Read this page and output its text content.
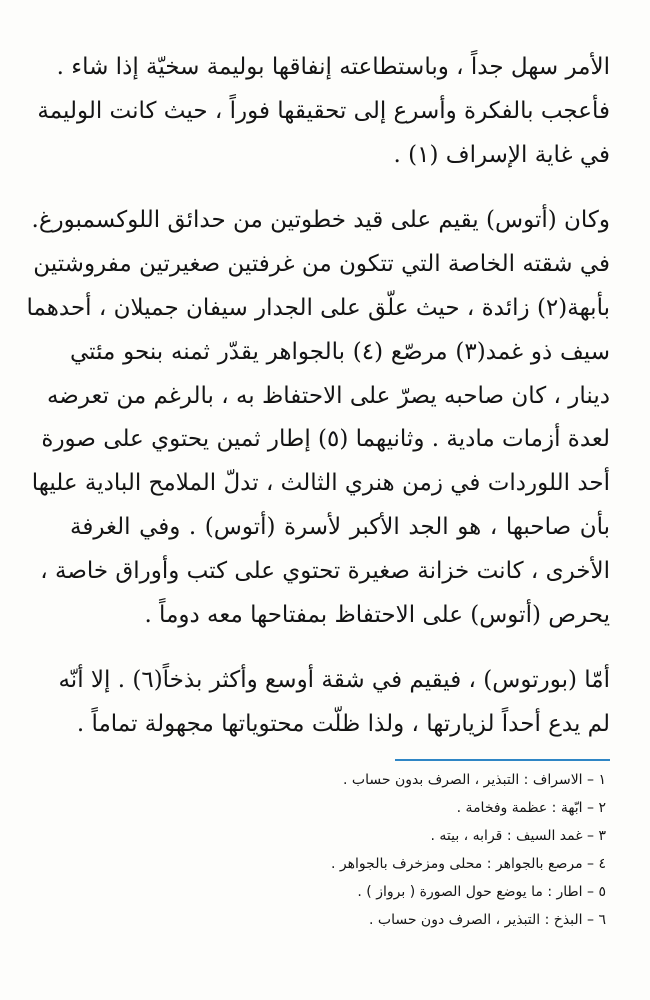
الأمر سهل جداً ، وباستطاعته إنفاقها بوليمة سخيّة إذا شاء .
فأعجب بالفكرة وأسرع إلى تحقيقها فوراً ، حيث كانت الوليمة
في غاية الإسراف (١) .
وكان (أتوس) يقيم على قيد خطوتين من حدائق اللوكسمبورغ.
في شقته الخاصة التي تتكون من غرفتين صغيرتين مفروشتين
بأبهة(٢) زائدة ، حيث علّق على الجدار سيفان جميلان ، أحدهما
سيف ذو غمد(٣) مرصّع (٤) بالجواهر يقدّر ثمنه بنحو مئتي
دينار ، كان صاحبه يصرّ على الاحتفاظ به ، بالرغم من تعرضه
لعدة أزمات مادية . وثانيهما (٥) إطار ثمين يحتوي على صورة
أحد اللوردات في زمن هنري الثالث ، تدلّ الملامح البادية عليها
بأن صاحبها ، هو الجد الأكبر لأسرة (أتوس) . وفي الغرفة
الأخرى ، كانت خزانة صغيرة تحتوي على كتب وأوراق خاصة ،
يحرص (أتوس) على الاحتفاظ بمفتاحها معه دوماً .
أمّا (بورتوس) ، فيقيم في شقة أوسع وأكثر بذخاً(٦) . إلا أنّه
لم يدع أحداً لزيارتها ، ولذا ظلّت محتوياتها مجهولة تماماً .
١ – الاسراف : التبذير ، الصرف بدون حساب .
٢ – ابّهة : عظمة وفخامة .
٣ – غمد السيف : قرابه ، بيته .
٤ – مرصع بالجواهر : محلى ومزخرف بالجواهر .
٥ – اطار : ما يوضع حول الصورة ( برواز ) .
٦ – البذخ : التبذير ، الصرف دون حساب .
